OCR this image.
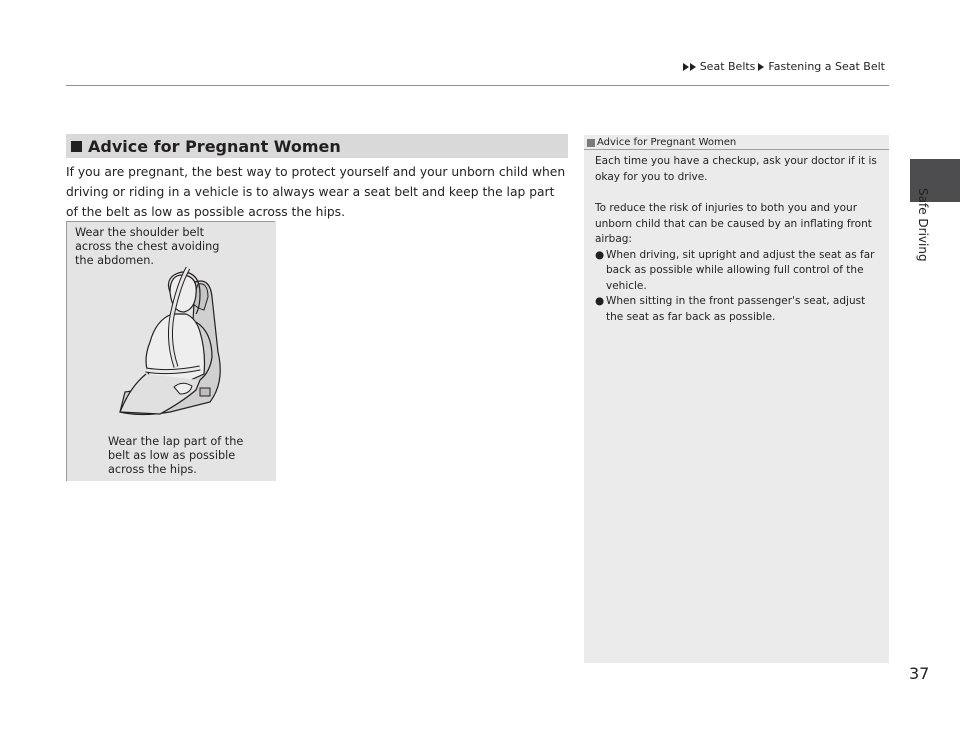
Seat Belts Fastening a Seat Belt
Safe Driving
Advice for Pregnant Women
If you are pregnant, the best way to protect yourself and your unborn child when driving or riding in a vehicle is to always wear a seat belt and keep the lap part of the belt as low as possible across the hips.
Wear the shoulder belt across the chest avoiding the abdomen.
Wear the lap part of the belt as low as possible across the hips.
Advice for Pregnant Women

Each time you have a checkup, ask your doctor if it is okay for you to drive.

To reduce the risk of injuries to both you and your unborn child that can be caused by an inflating front airbag:
● When driving, sit upright and adjust the seat as far back as possible while allowing full control of the vehicle.
● When sitting in the front passenger's seat, adjust the seat as far back as possible.
37
